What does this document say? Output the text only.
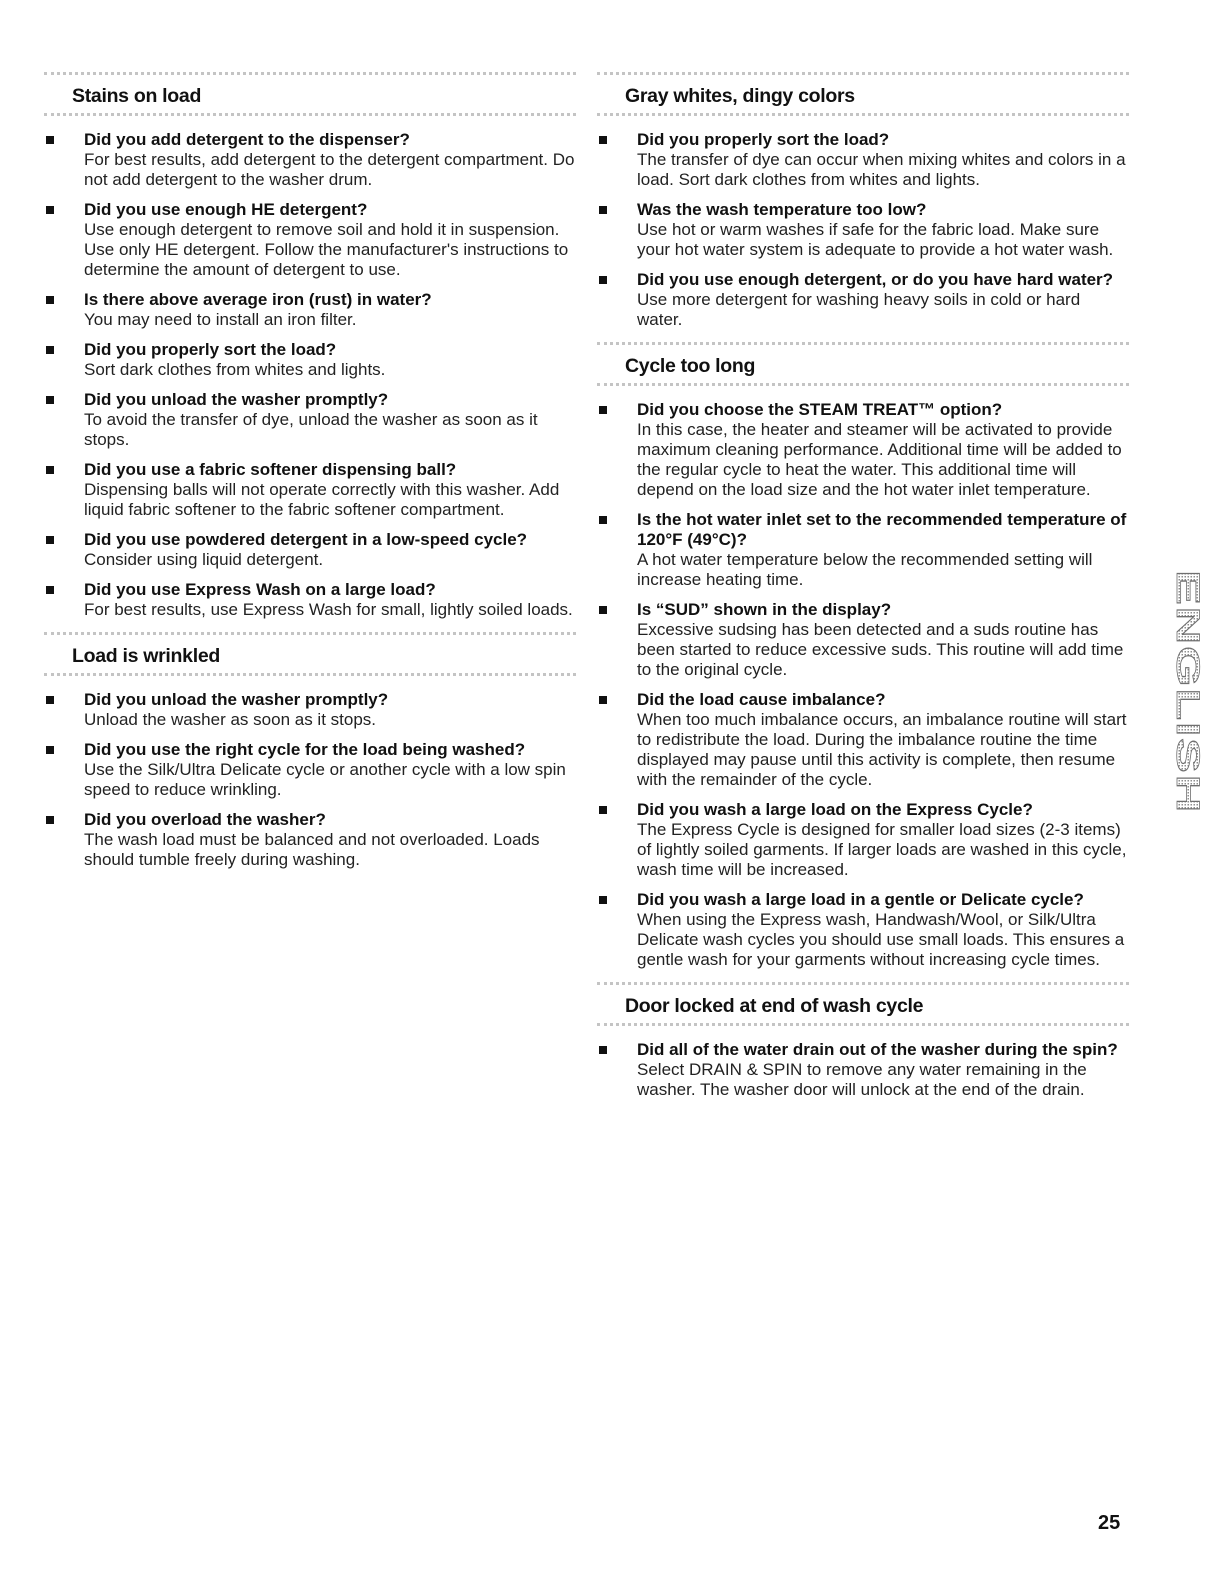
Stains on load
Did you add detergent to the dispenser?
For best results, add detergent to the detergent compartment. Do not add detergent to the washer drum.
Did you use enough HE detergent?
Use enough detergent to remove soil and hold it in suspension. Use only HE detergent. Follow the manufacturer's instructions to determine the amount of detergent to use.
Is there above average iron (rust) in water?
You may need to install an iron filter.
Did you properly sort the load?
Sort dark clothes from whites and lights.
Did you unload the washer promptly?
To avoid the transfer of dye, unload the washer as soon as it stops.
Did you use a fabric softener dispensing ball?
Dispensing balls will not operate correctly with this washer. Add liquid fabric softener to the fabric softener compartment.
Did you use powdered detergent in a low-speed cycle?
Consider using liquid detergent.
Did you use Express Wash on a large load?
For best results, use Express Wash for small, lightly soiled loads.
Load is wrinkled
Did you unload the washer promptly?
Unload the washer as soon as it stops.
Did you use the right cycle for the load being washed?
Use the Silk/Ultra Delicate cycle or another cycle with a low spin speed to reduce wrinkling.
Did you overload the washer?
The wash load must be balanced and not overloaded. Loads should tumble freely during washing.
Gray whites, dingy colors
Did you properly sort the load?
The transfer of dye can occur when mixing whites and colors in a load. Sort dark clothes from whites and lights.
Was the wash temperature too low?
Use hot or warm washes if safe for the fabric load. Make sure your hot water system is adequate to provide a hot water wash.
Did you use enough detergent, or do you have hard water?
Use more detergent for washing heavy soils in cold or hard water.
Cycle too long
Did you choose the STEAM TREAT™ option?
In this case, the heater and steamer will be activated to provide maximum cleaning performance. Additional time will be added to the regular cycle to heat the water. This additional time will depend on the load size and the hot water inlet temperature.
Is the hot water inlet set to the recommended temperature of 120°F (49°C)?
A hot water temperature below the recommended setting will increase heating time.
Is “SUD” shown in the display?
Excessive sudsing has been detected and a suds routine has been started to reduce excessive suds. This routine will add time to the original cycle.
Did the load cause imbalance?
When too much imbalance occurs, an imbalance routine will start to redistribute the load. During the imbalance routine the time displayed may pause until this activity is complete, then resume with the remainder of the cycle.
Did you wash a large load on the Express Cycle?
The Express Cycle is designed for smaller load sizes (2-3 items) of lightly soiled garments. If larger loads are washed in this cycle, wash time will be increased.
Did you wash a large load in a gentle or Delicate cycle?
When using the Express wash, Handwash/Wool, or Silk/Ultra Delicate wash cycles you should use small loads. This ensures a gentle wash for your garments without increasing cycle times.
Door locked at end of wash cycle
Did all of the water drain out of the washer during the spin?
Select DRAIN & SPIN to remove any water remaining in the washer. The washer door will unlock at the end of the drain.
ENGLISH
25
